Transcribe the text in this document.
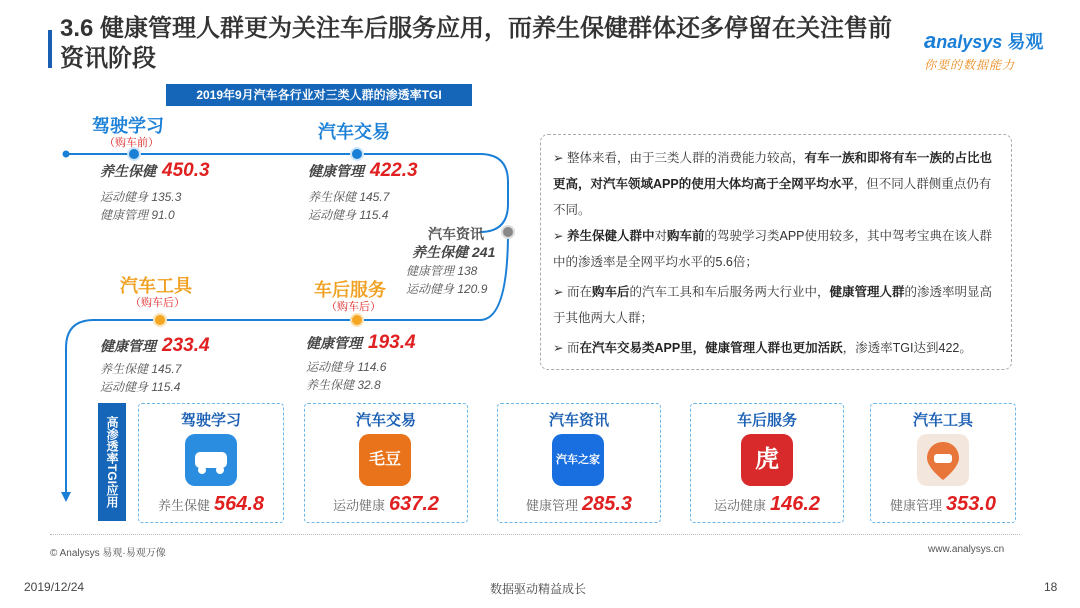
3.6 健康管理人群更为关注车后服务应用，而养生保健群体还多停留在关注售前资讯阶段
analysys 易观
你要的数据能力
2019年9月汽车各行业对三类人群的渗透率TGI
驾驶学习
（购车前）
养生保健 450.3
运动健身 135.3
健康管理 91.0
汽车交易
健康管理 422.3
养生保健 145.7
运动健身 115.4
汽车资讯
养生保健 241
健康管理 138
运动健身 120.9
车后服务
（购车后）
健康管理 193.4
运动健身 114.6
养生保健 32.8
汽车工具
（购车后）
健康管理 233.4
养生保健 145.7
运动健身 115.4

➢ 整体来看，由于三类人群的消费能力较高，有车一族和即将有车一族的占比也更高，对汽车领域APP的使用大体均高于全网平均水平，但不同人群侧重点仍有不同。

➢ 养生保健人群中对购车前的驾驶学习类APP使用较多，其中驾考宝典在该人群中的渗透率是全网平均水平的5.6倍；

➢ 而在购车后的汽车工具和车后服务两大行业中，健康管理人群的渗透率明显高于其他两大人群；

➢ 而在汽车交易类APP里，健康管理人群也更加活跃，渗透率TGI达到422。

高渗透率TGI应用	驾驶学习
养生保健 564.8
汽车交易
毛豆
运动健康 637.2
汽车资讯
汽车之家
健康管理 285.3
车后服务
虎
运动健康 146.2
汽车工具
健康管理 353.0
© Analysys 易观·易观万像	www.analysys.cn
2019/12/24	数据驱动精益成长	18
